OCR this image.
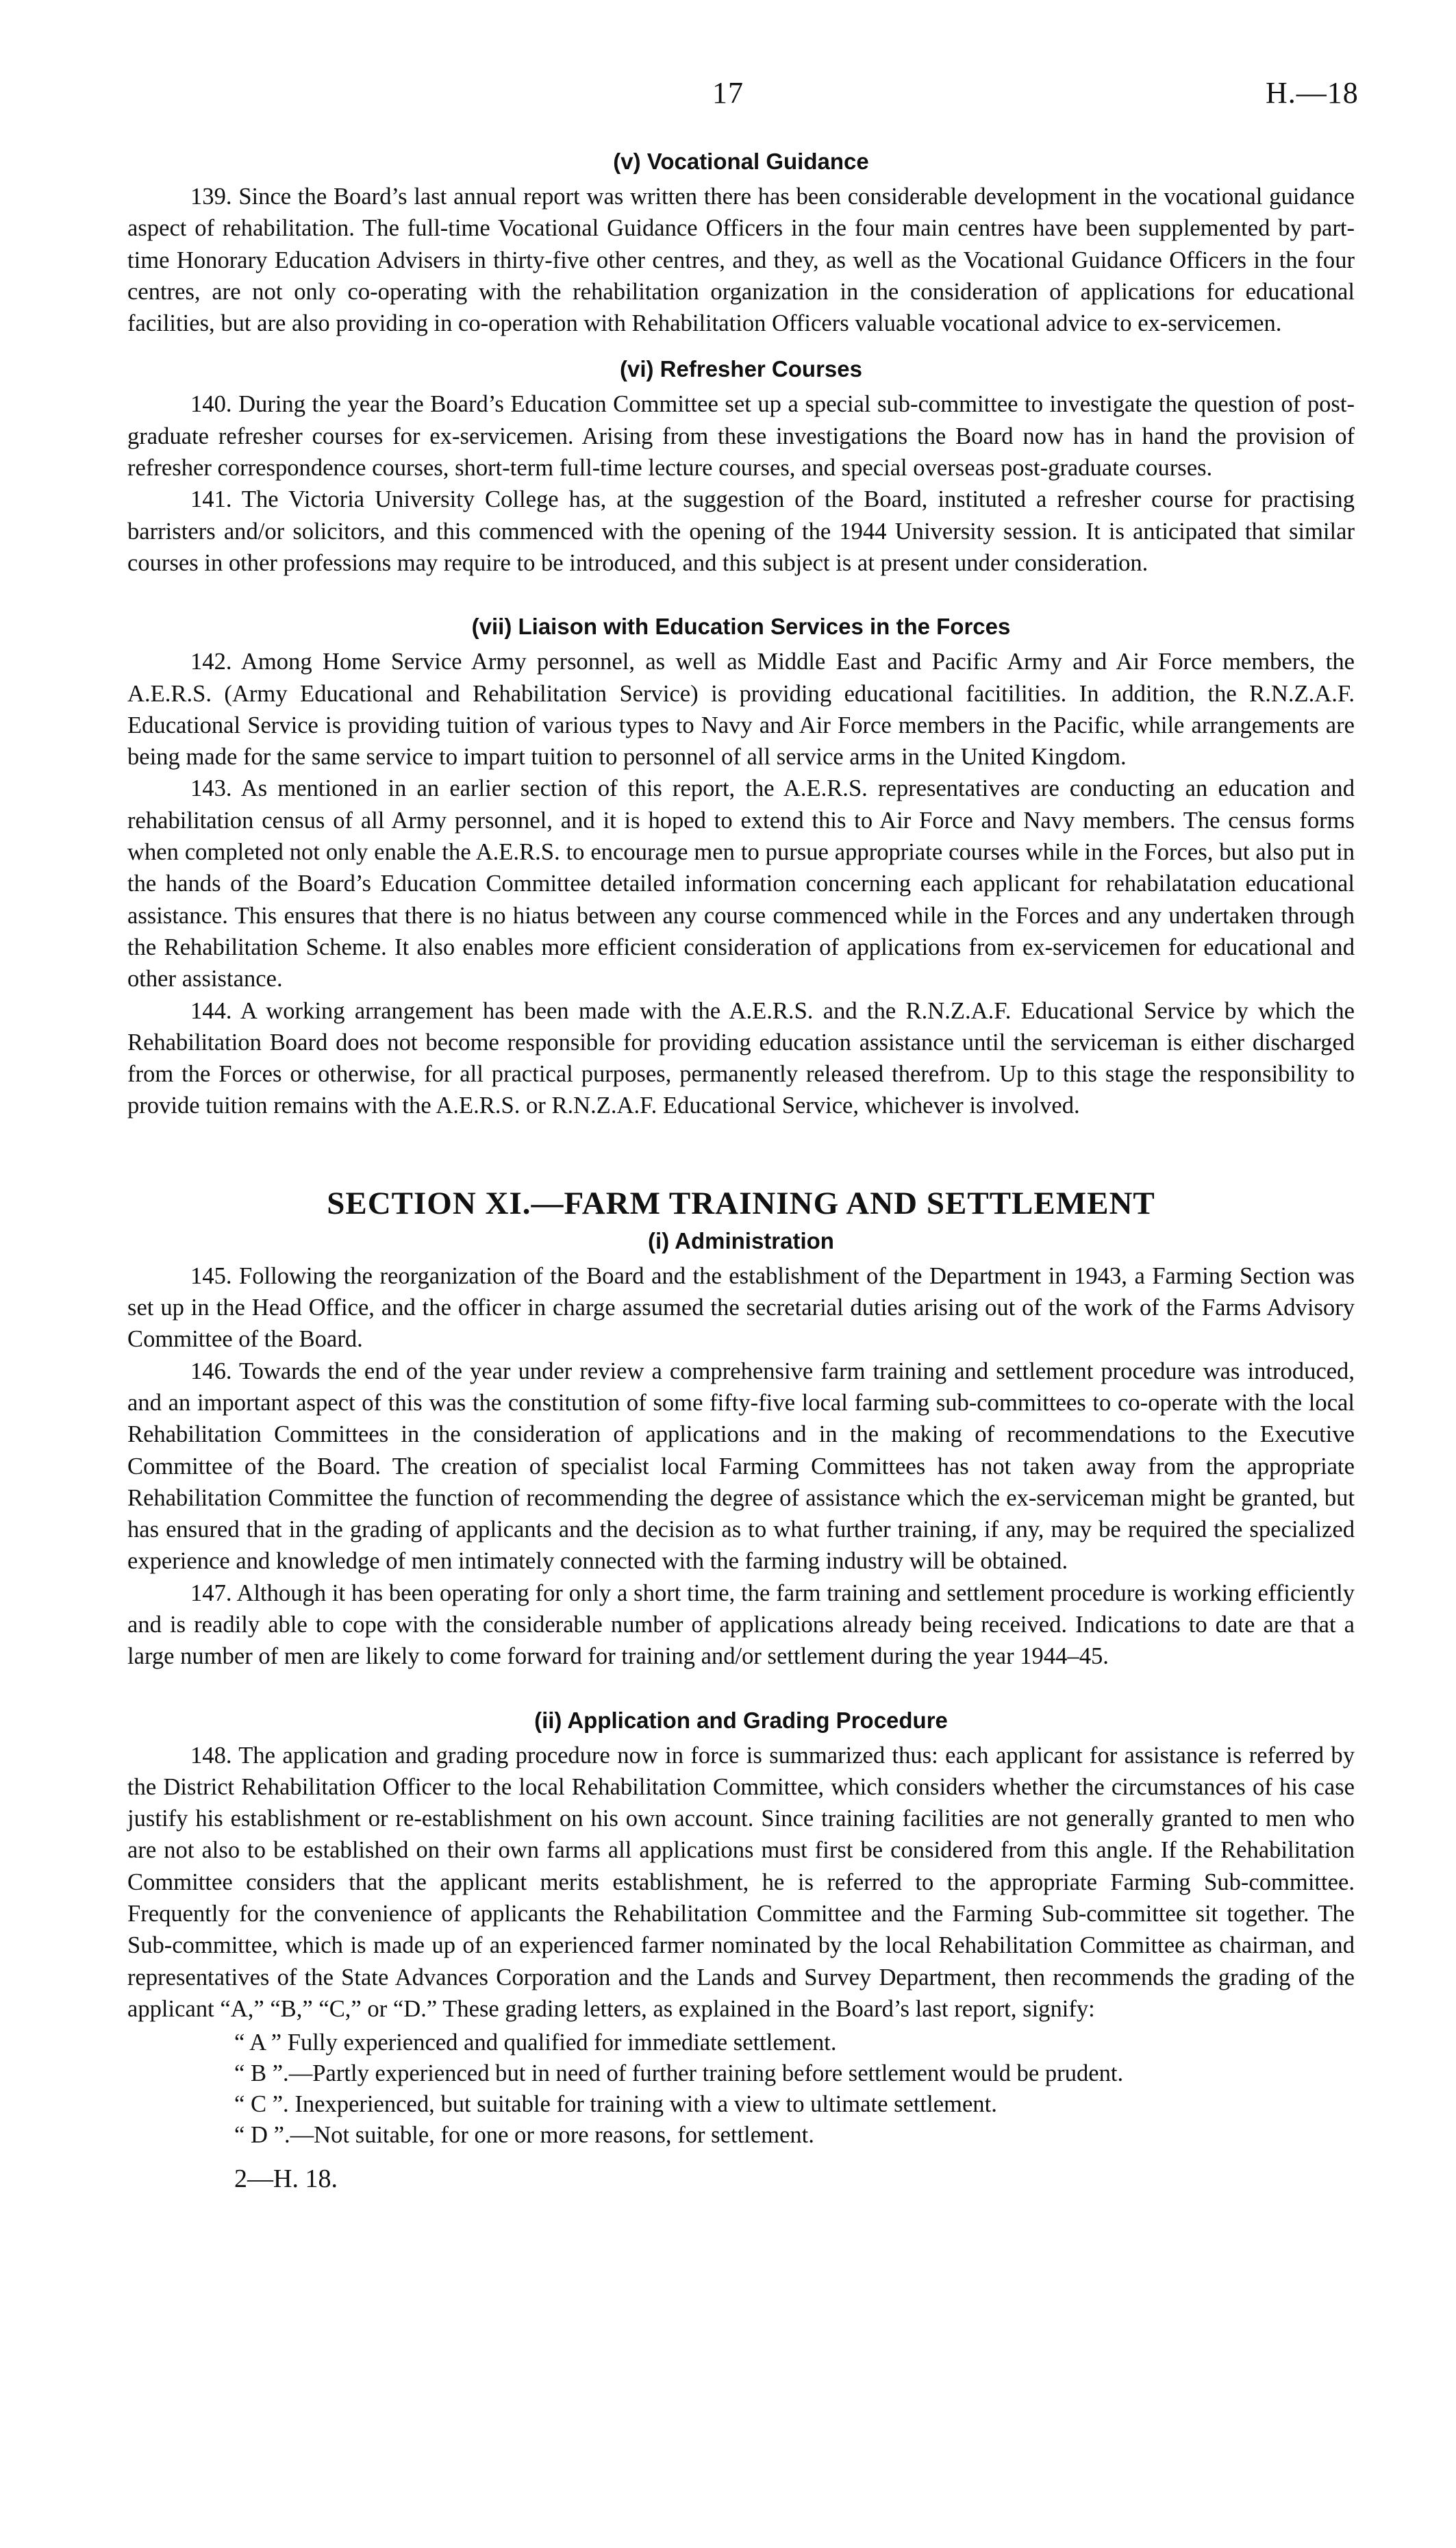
17	H.—18
(v) Vocational Guidance

139. Since the Board’s last annual report was written there has been considerable development in the vocational guidance aspect of rehabilitation. The full-time Vocational Guidance Officers in the four main centres have been supplemented by part-time Honorary Education Advisers in thirty-five other centres, and they, as well as the Vocational Guidance Officers in the four centres, are not only co-operating with the rehabilitation organization in the consideration of applications for educational facilities, but are also providing in co-operation with Rehabilitation Officers valuable vocational advice to ex-servicemen.

(vi) Refresher Courses

140. During the year the Board’s Education Committee set up a special sub-committee to investigate the question of post-graduate refresher courses for ex-servicemen. Arising from these investigations the Board now has in hand the provision of refresher correspondence courses, short-term full-time lecture courses, and special overseas post-graduate courses.

141. The Victoria University College has, at the suggestion of the Board, instituted a refresher course for practising barristers and/or solicitors, and this commenced with the opening of the 1944 University session. It is anticipated that similar courses in other professions may require to be introduced, and this subject is at present under consideration.

(vii) Liaison with Education Services in the Forces

142. Among Home Service Army personnel, as well as Middle East and Pacific Army and Air Force members, the A.E.R.S. (Army Educational and Rehabilitation Service) is providing educational facitilities. In addition, the R.N.Z.A.F. Educational Service is providing tuition of various types to Navy and Air Force members in the Pacific, while arrangements are being made for the same service to impart tuition to personnel of all service arms in the United Kingdom.

143. As mentioned in an earlier section of this report, the A.E.R.S. representatives are conducting an education and rehabilitation census of all Army personnel, and it is hoped to extend this to Air Force and Navy members. The census forms when completed not only enable the A.E.R.S. to encourage men to pursue appropriate courses while in the Forces, but also put in the hands of the Board’s Education Committee detailed information concerning each applicant for rehabilatation educational assistance. This ensures that there is no hiatus between any course commenced while in the Forces and any undertaken through the Rehabilitation Scheme. It also enables more efficient consideration of applications from ex-servicemen for educational and other assistance.

144. A working arrangement has been made with the A.E.R.S. and the R.N.Z.A.F. Educational Service by which the Rehabilitation Board does not become responsible for providing education assistance until the serviceman is either discharged from the Forces or otherwise, for all practical purposes, permanently released therefrom. Up to this stage the responsibility to provide tuition remains with the A.E.R.S. or R.N.Z.A.F. Educational Service, whichever is involved.

SECTION XI.—FARM TRAINING AND SETTLEMENT
(i) Administration

145. Following the reorganization of the Board and the establishment of the Department in 1943, a Farming Section was set up in the Head Office, and the officer in charge assumed the secretarial duties arising out of the work of the Farms Advisory Committee of the Board.

146. Towards the end of the year under review a comprehensive farm training and settlement procedure was introduced, and an important aspect of this was the constitution of some fifty-five local farming sub-committees to co-operate with the local Rehabilitation Committees in the consideration of applications and in the making of recommendations to the Executive Committee of the Board. The creation of specialist local Farming Committees has not taken away from the appropriate Rehabilitation Committee the function of recommending the degree of assistance which the ex-serviceman might be granted, but has ensured that in the grading of applicants and the decision as to what further training, if any, may be required the specialized experience and knowledge of men intimately connected with the farming industry will be obtained.

147. Although it has been operating for only a short time, the farm training and settlement procedure is working efficiently and is readily able to cope with the considerable number of applications already being received. Indications to date are that a large number of men are likely to come forward for training and/or settlement during the year 1944–45.

(ii) Application and Grading Procedure

148. The application and grading procedure now in force is summarized thus: each applicant for assistance is referred by the District Rehabilitation Officer to the local Rehabilitation Committee, which considers whether the circumstances of his case justify his establishment or re-establishment on his own account. Since training facilities are not generally granted to men who are not also to be established on their own farms all applications must first be considered from this angle. If the Rehabilitation Committee considers that the applicant merits establishment, he is referred to the appropriate Farming Sub-committee. Frequently for the convenience of applicants the Rehabilitation Committee and the Farming Sub-committee sit together. The Sub-committee, which is made up of an experienced farmer nominated by the local Rehabilitation Committee as chairman, and representatives of the State Advances Corporation and the Lands and Survey Department, then recommends the grading of the applicant “A,” “B,” “C,” or “D.” These grading letters, as explained in the Board’s last report, signify:

“ A ” Fully experienced and qualified for immediate settlement.
“ B ”.—Partly experienced but in need of further training before settlement would be prudent.
“ C ”. Inexperienced, but suitable for training with a view to ultimate settlement.
“ D ”.—Not suitable, for one or more reasons, for settlement.
2—H. 18.
